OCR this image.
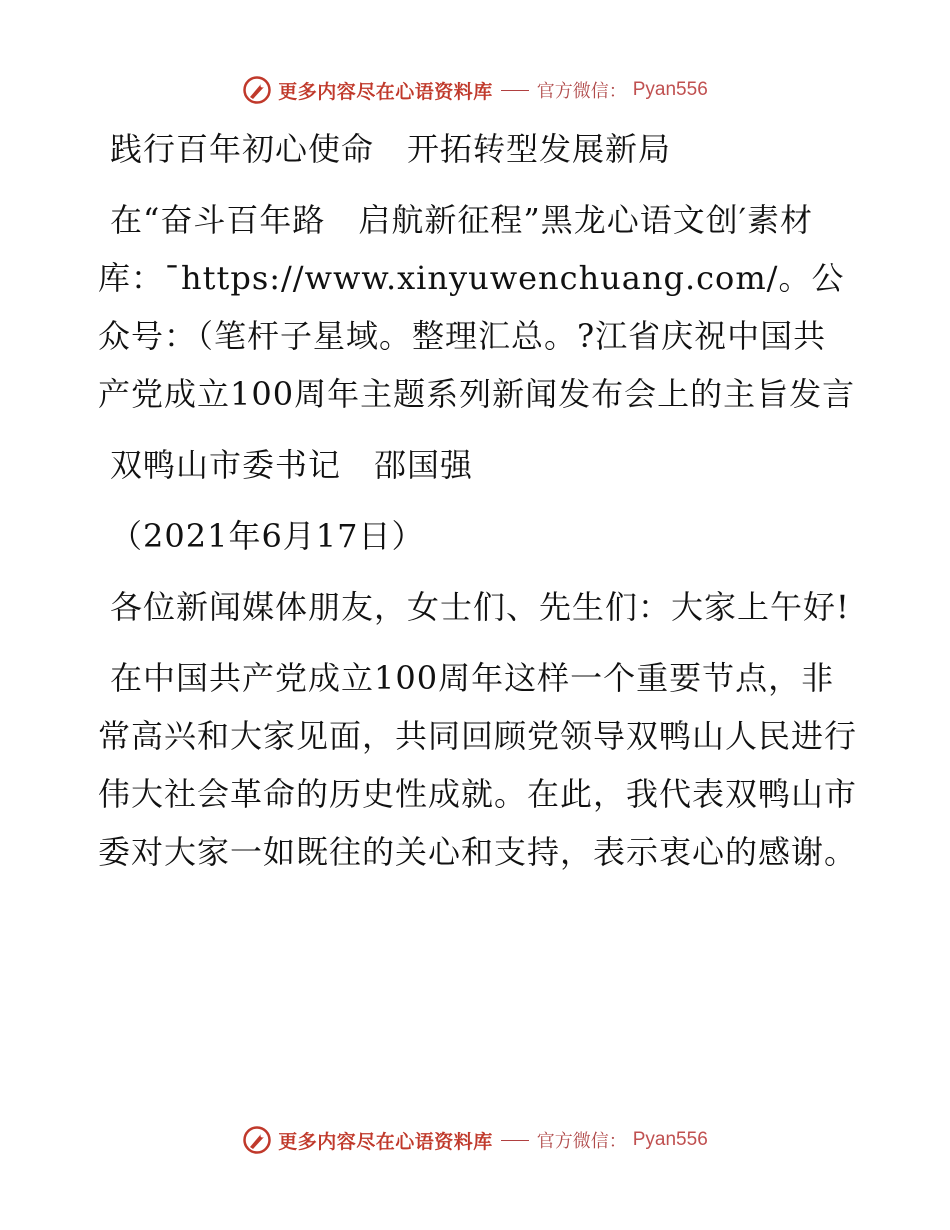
更多内容尽在心语资料库 官方微信： Pyan556

践行百年初心使命　开拓转型发展新局

在“奋斗百年路　启航新征程”黑龙心语文创′素材库：¯https://www.xinyuwenchuang.com/。公众号：（笔杆子星域。整理汇总。?江省庆祝中国共产党成立100周年主题系列新闻发布会上的主旨发言

双鸭山市委书记　邵国强

（2021年6月17日）

各位新闻媒体朋友，女士们、先生们：大家上午好!

在中国共产党成立100周年这样一个重要节点，非常高兴和大家见面，共同回顾党领导双鸭山人民进行伟大社会革命的历史性成就。在此，我代表双鸭山市委对大家一如既往的关心和支持，表示衷心的感谢。

更多内容尽在心语资料库 官方微信： Pyan556
